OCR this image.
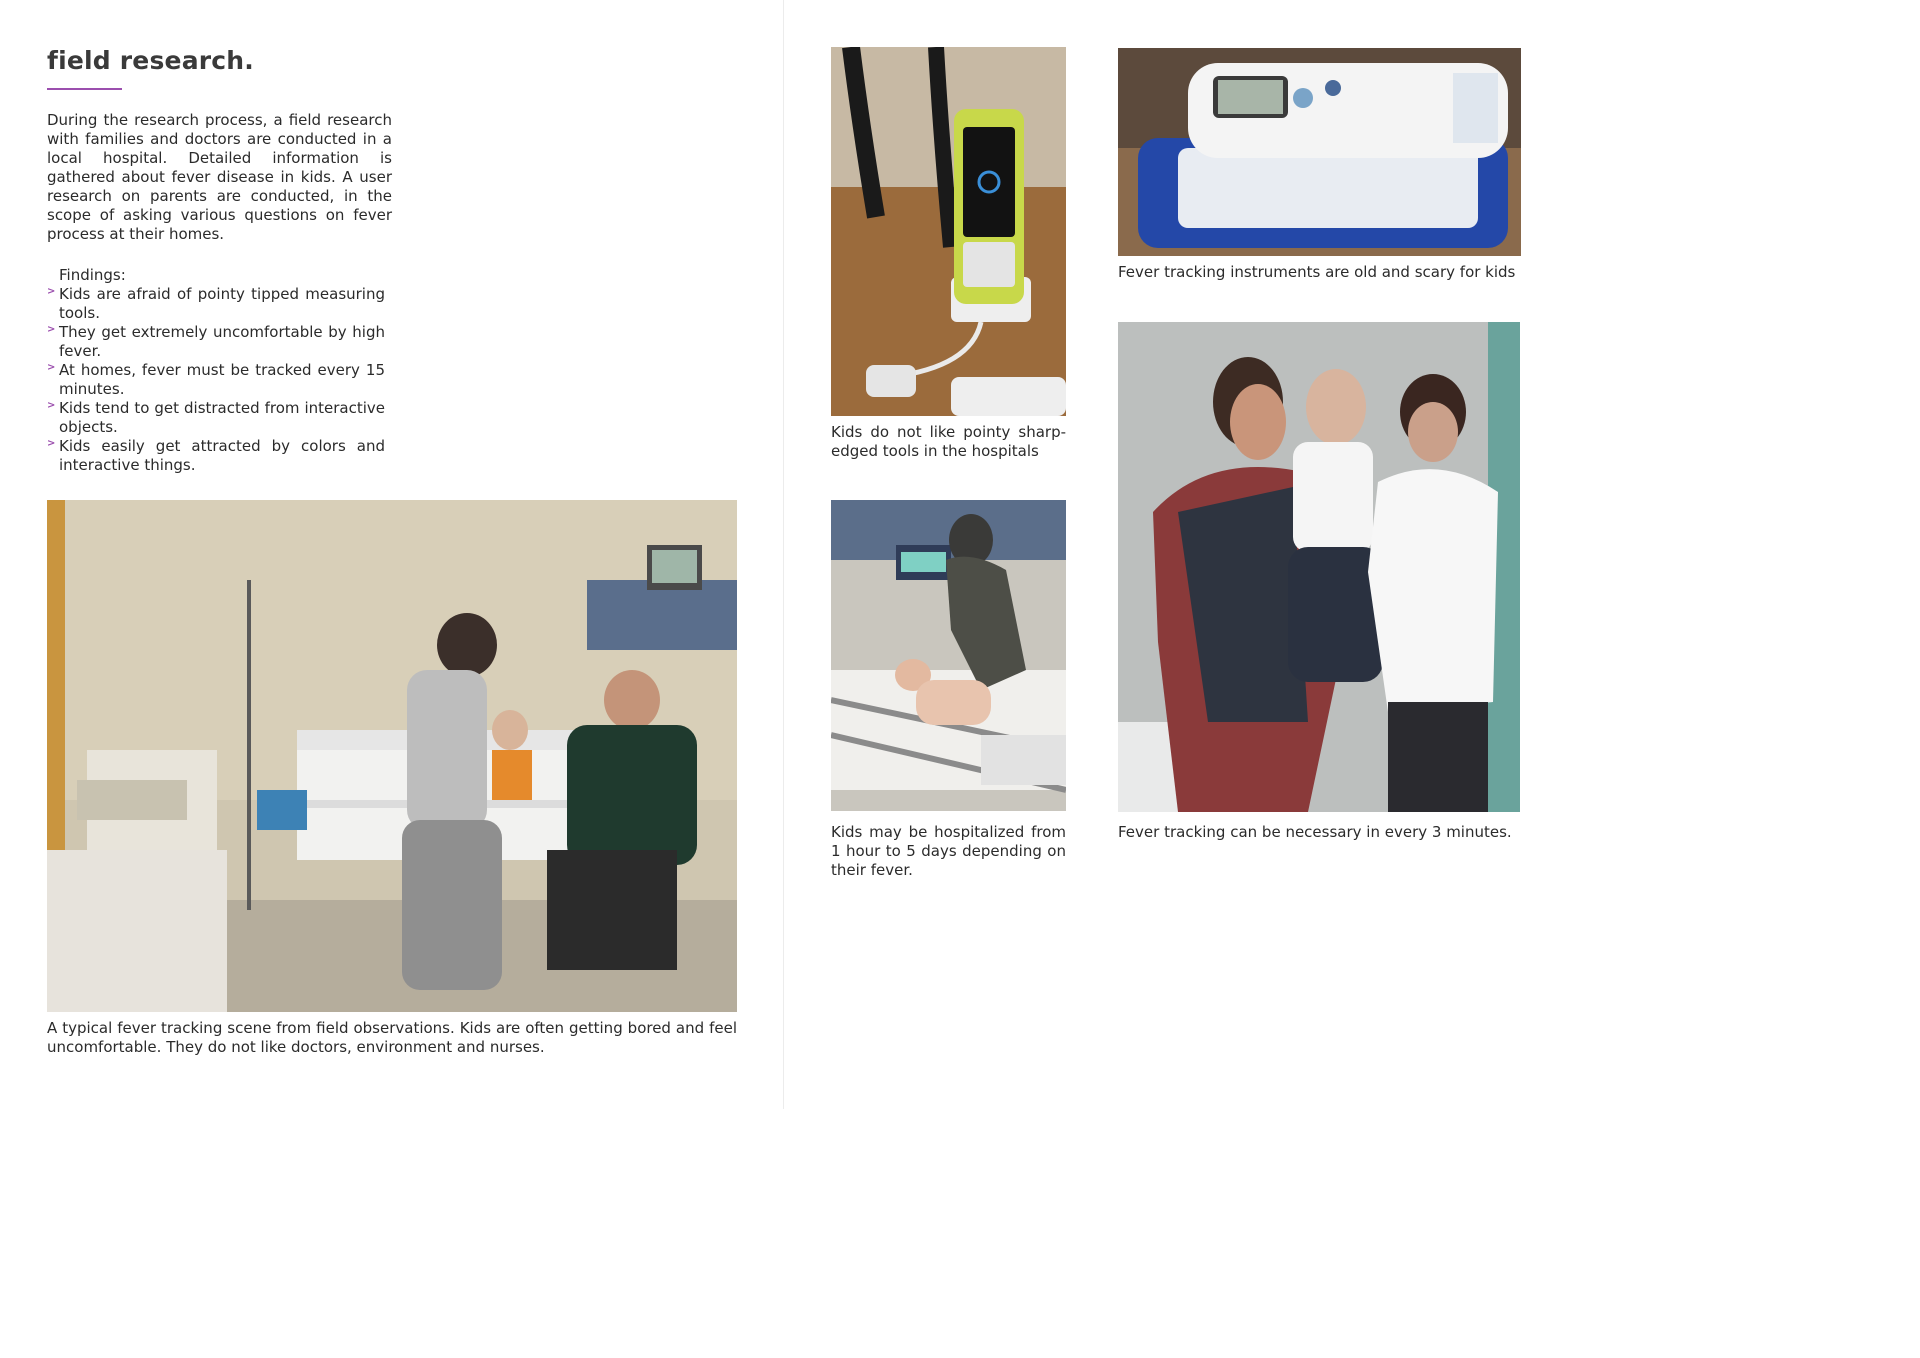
field research.

During the research process, a field research with families and doctors are conducted in a local hospital. Detailed information is gathered about fever disease in kids. A user research on parents are conducted, in the scope of asking various questions on fever process at their homes.

Findings:

> Kids are afraid of pointy tipped measuring tools.
> They get extremely uncomfortable by high fever.
> At homes, fever must be tracked every 15 minutes.
> Kids tend to get distracted from interactive objects.
> Kids easily get attracted by colors and interactive things.

A typical fever tracking scene from field observations. Kids are often getting bored and feel uncomfortable. They do not like doctors, environment and nurses.

Kids do not like pointy sharp-edged tools in the hospitals

Fever tracking instruments are old and scary for kids

Kids may be hospitalized from 1 hour to 5 days depending on their fever.

Fever tracking can be necessary in every 3 minutes.
